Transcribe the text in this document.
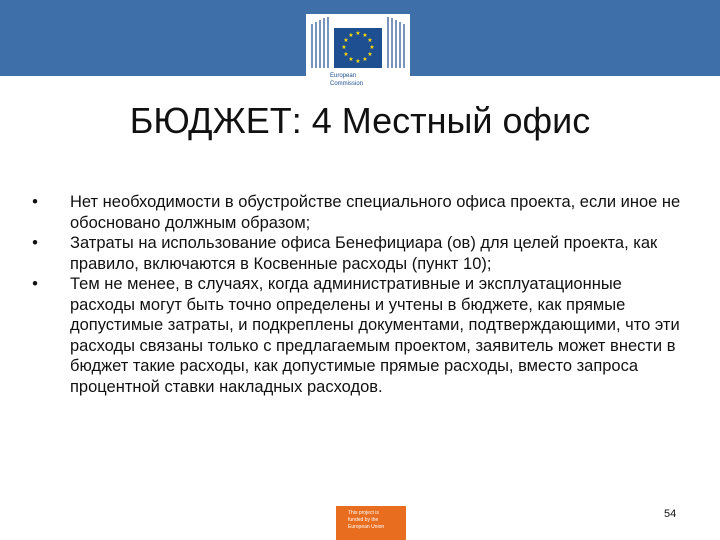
★ ★
★
★
★
★
★
★
★
★
★
★
European
Commission
БЮДЖЕТ: 4 Местный офис
• Нет необходимости в обустройстве специального офиса проекта, если иное не обосновано должным образом;
• Затраты на использование офиса Бенефициара (ов) для целей проекта, как правило, включаются в Косвенные расходы (пункт 10);
• Тем не менее, в случаях, когда административные и эксплуатационные расходы могут быть точно определены и учтены в бюджете, как прямые допустимые затраты, и подкреплены документами, подтверждающими, что эти расходы связаны только с предлагаемым проектом, заявитель может внести в бюджет такие расходы, как допустимые прямые расходы, вместо запроса процентной ставки накладных расходов.
This project is
funded by the
European Union
54
